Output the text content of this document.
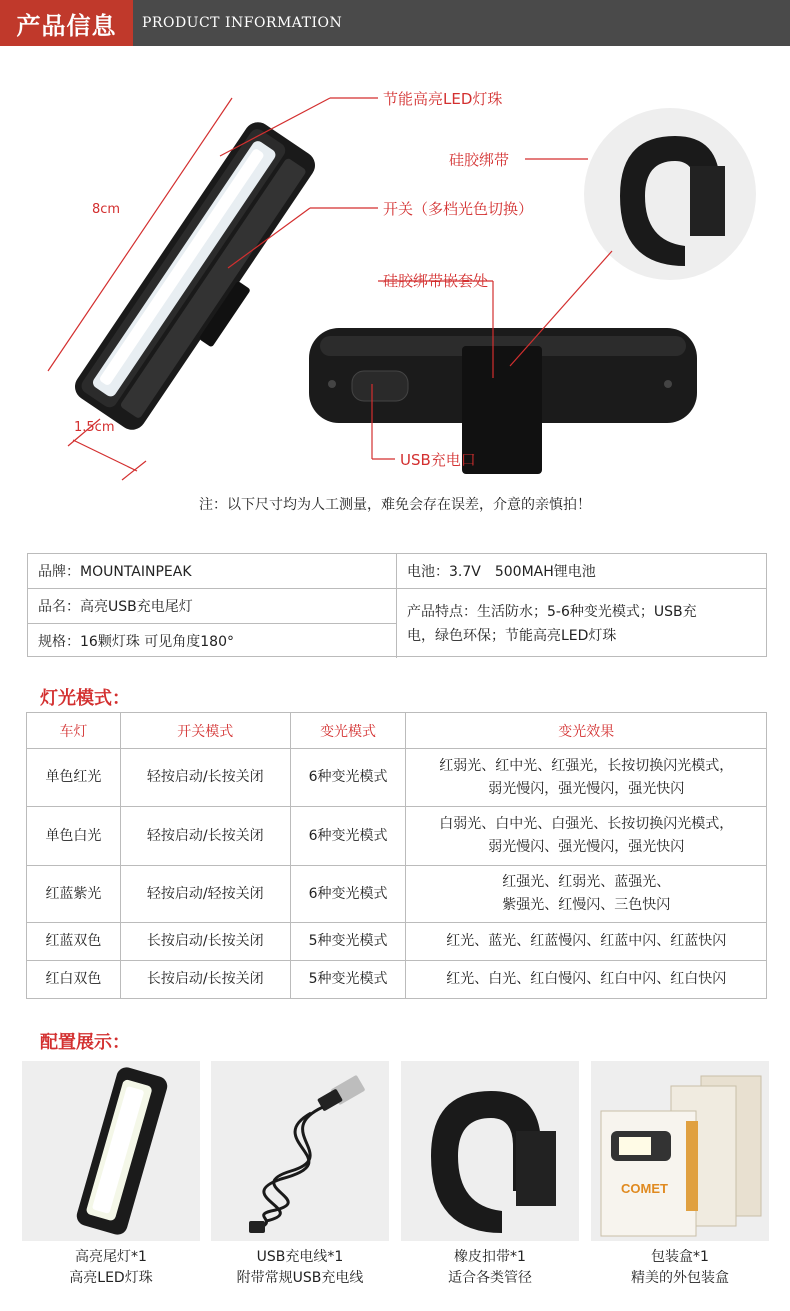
产品信息	PRODUCT INFORMATION
节能高亮LED灯珠
开关（多档光色切换）
硅胶绑带嵌套处
硅胶绑带
USB充电口
8cm
1.5cm
注：以下尺寸均为人工测量，难免会存在误差，介意的亲慎拍！
品牌：MOUNTAINPEAK
品名：高亮USB充电尾灯
规格：16颗灯珠 可见角度180°
电池：3.7V　500MAH锂电池
产品特点：生活防水；5-6种变光模式；USB充
电，绿色环保；节能高亮LED灯珠
灯光模式：
车灯	开关模式	变光模式	变光效果
单色红光	轻按启动/长按关闭	6种变光模式	红弱光、红中光、红强光，长按切换闪光模式，
弱光慢闪，强光慢闪，强光快闪

单色白光	轻按启动/长按关闭	6种变光模式	白弱光、白中光、白强光、长按切换闪光模式，
弱光慢闪、强光慢闪，强光快闪

红蓝紫光	轻按启动/轻按关闭	6种变光模式	红强光、红弱光、蓝强光、
紫强光、红慢闪、三色快闪

红蓝双色	长按启动/长按关闭	5种变光模式	红光、蓝光、红蓝慢闪、红蓝中闪、红蓝快闪
红白双色	长按启动/长按关闭	5种变光模式	红光、白光、红白慢闪、红白中闪、红白快闪
配置展示：
COMET
高亮尾灯*1
高亮LED灯珠
USB充电线*1
附带常规USB充电线
橡皮扣带*1
适合各类管径
包装盒*1
精美的外包装盒
